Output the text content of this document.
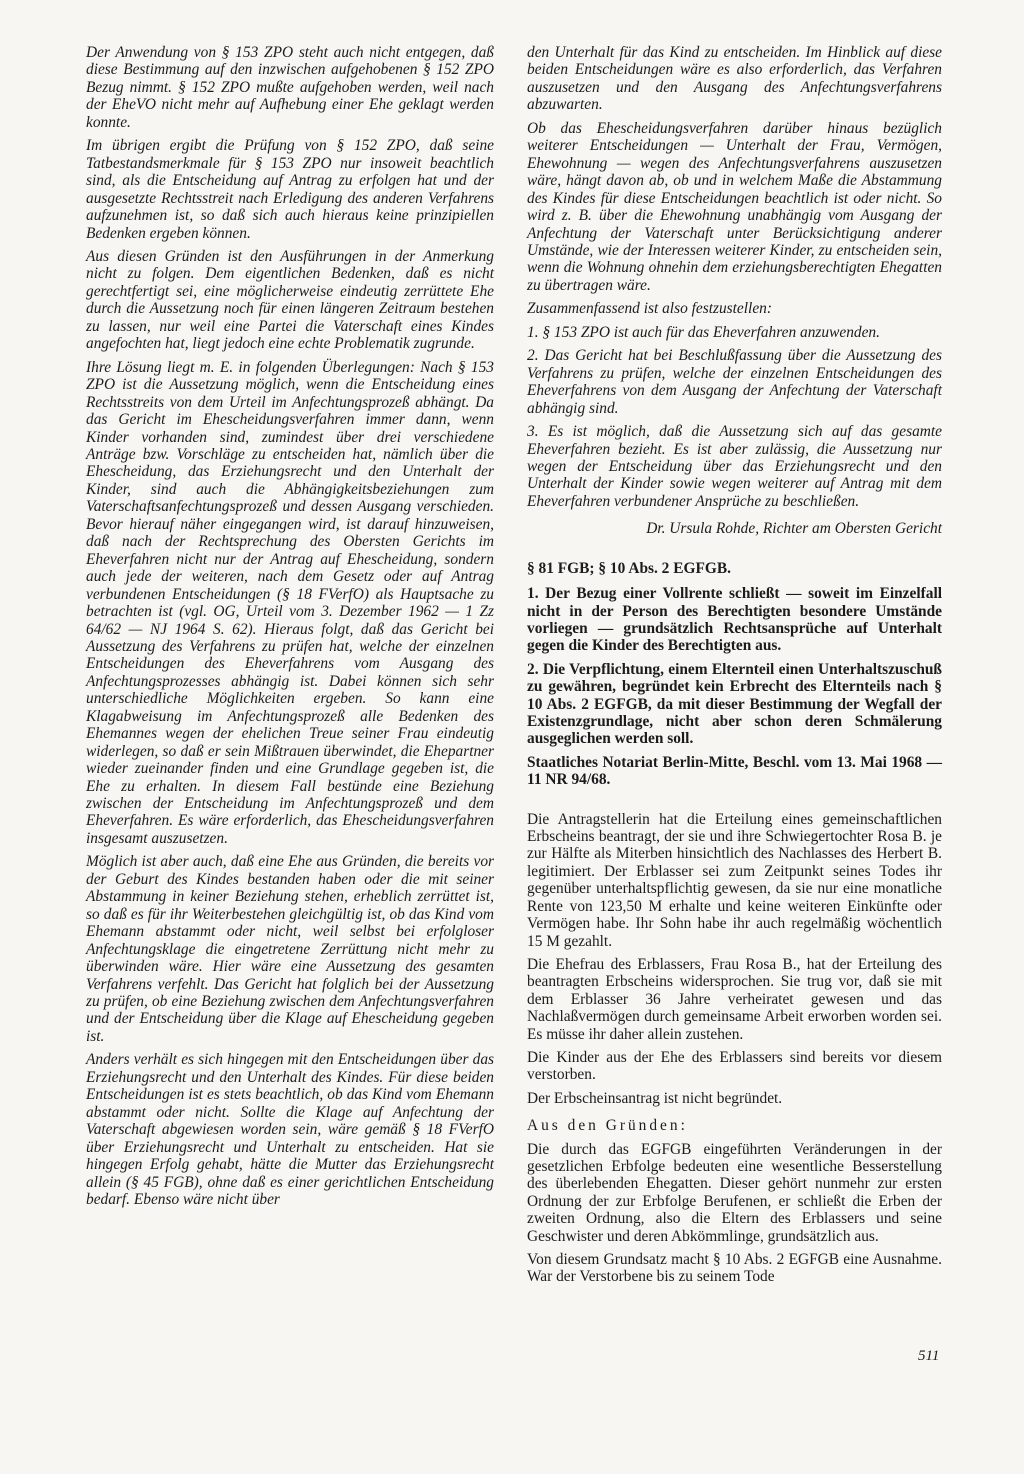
Der Anwendung von § 153 ZPO steht auch nicht entgegen, daß diese Bestimmung auf den inzwischen aufgehobenen § 152 ZPO Bezug nimmt. § 152 ZPO mußte aufgehoben werden, weil nach der EheVO nicht mehr auf Aufhebung einer Ehe geklagt werden konnte.

Im übrigen ergibt die Prüfung von § 152 ZPO, daß seine Tatbestandsmerkmale für § 153 ZPO nur insoweit beachtlich sind, als die Entscheidung auf Antrag zu erfolgen hat und der ausgesetzte Rechtsstreit nach Erledigung des anderen Verfahrens aufzunehmen ist, so daß sich auch hieraus keine prinzipiellen Bedenken ergeben können.

Aus diesen Gründen ist den Ausführungen in der Anmerkung nicht zu folgen. Dem eigentlichen Bedenken, daß es nicht gerechtfertigt sei, eine möglicherweise eindeutig zerrüttete Ehe durch die Aussetzung noch für einen längeren Zeitraum bestehen zu lassen, nur weil eine Partei die Vaterschaft eines Kindes angefochten hat, liegt jedoch eine echte Problematik zugrunde.

Ihre Lösung liegt m. E. in folgenden Überlegungen: Nach § 153 ZPO ist die Aussetzung möglich, wenn die Entscheidung eines Rechtsstreits von dem Urteil im Anfechtungsprozeß abhängt. Da das Gericht im Ehescheidungsverfahren immer dann, wenn Kinder vorhanden sind, zumindest über drei verschiedene Anträge bzw. Vorschläge zu entscheiden hat, nämlich über die Ehescheidung, das Erziehungsrecht und den Unterhalt der Kinder, sind auch die Abhängigkeitsbeziehungen zum Vaterschaftsanfechtungsprozeß und dessen Ausgang verschieden. Bevor hierauf näher eingegangen wird, ist darauf hinzuweisen, daß nach der Rechtsprechung des Obersten Gerichts im Eheverfahren nicht nur der Antrag auf Ehescheidung, sondern auch jede der weiteren, nach dem Gesetz oder auf Antrag verbundenen Entscheidungen (§ 18 FVerfO) als Hauptsache zu betrachten ist (vgl. OG, Urteil vom 3. Dezember 1962 — 1 Zz 64/62 — NJ 1964 S. 62). Hieraus folgt, daß das Gericht bei Aussetzung des Verfahrens zu prüfen hat, welche der einzelnen Entscheidungen des Eheverfahrens vom Ausgang des Anfechtungsprozesses abhängig ist. Dabei können sich sehr unterschiedliche Möglichkeiten ergeben. So kann eine Klagabweisung im Anfechtungsprozeß alle Bedenken des Ehemannes wegen der ehelichen Treue seiner Frau eindeutig widerlegen, so daß er sein Mißtrauen überwindet, die Ehepartner wieder zueinander finden und eine Grundlage gegeben ist, die Ehe zu erhalten. In diesem Fall bestünde eine Beziehung zwischen der Entscheidung im Anfechtungsprozeß und dem Eheverfahren. Es wäre erforderlich, das Ehescheidungsverfahren insgesamt auszusetzen.

Möglich ist aber auch, daß eine Ehe aus Gründen, die bereits vor der Geburt des Kindes bestanden haben oder die mit seiner Abstammung in keiner Beziehung stehen, erheblich zerrüttet ist, so daß es für ihr Weiterbestehen gleichgültig ist, ob das Kind vom Ehemann abstammt oder nicht, weil selbst bei erfolgloser Anfechtungsklage die eingetretene Zerrüttung nicht mehr zu überwinden wäre. Hier wäre eine Aussetzung des gesamten Verfahrens verfehlt. Das Gericht hat folglich bei der Aussetzung zu prüfen, ob eine Beziehung zwischen dem Anfechtungsverfahren und der Entscheidung über die Klage auf Ehescheidung gegeben ist.

Anders verhält es sich hingegen mit den Entscheidungen über das Erziehungsrecht und den Unterhalt des Kindes. Für diese beiden Entscheidungen ist es stets beachtlich, ob das Kind vom Ehemann abstammt oder nicht. Sollte die Klage auf Anfechtung der Vaterschaft abgewiesen worden sein, wäre gemäß § 18 FVerfO über Erziehungsrecht und Unterhalt zu entscheiden. Hat sie hingegen Erfolg gehabt, hätte die Mutter das Erziehungsrecht allein (§ 45 FGB), ohne daß es einer gerichtlichen Entscheidung bedarf. Ebenso wäre nicht über

den Unterhalt für das Kind zu entscheiden. Im Hinblick auf diese beiden Entscheidungen wäre es also erforderlich, das Verfahren auszusetzen und den Ausgang des Anfechtungsverfahrens abzuwarten.

Ob das Ehescheidungsverfahren darüber hinaus bezüglich weiterer Entscheidungen — Unterhalt der Frau, Vermögen, Ehewohnung — wegen des Anfechtungsverfahrens auszusetzen wäre, hängt davon ab, ob und in welchem Maße die Abstammung des Kindes für diese Entscheidungen beachtlich ist oder nicht. So wird z. B. über die Ehewohnung unabhängig vom Ausgang der Anfechtung der Vaterschaft unter Berücksichtigung anderer Umstände, wie der Interessen weiterer Kinder, zu entscheiden sein, wenn die Wohnung ohnehin dem erziehungsberechtigten Ehegatten zu übertragen wäre.

Zusammenfassend ist also festzustellen:

1. § 153 ZPO ist auch für das Eheverfahren anzuwenden.

2. Das Gericht hat bei Beschlußfassung über die Aussetzung des Verfahrens zu prüfen, welche der einzelnen Entscheidungen des Eheverfahrens von dem Ausgang der Anfechtung der Vaterschaft abhängig sind.

3. Es ist möglich, daß die Aussetzung sich auf das gesamte Eheverfahren bezieht. Es ist aber zulässig, die Aussetzung nur wegen der Entscheidung über das Erziehungsrecht und den Unterhalt der Kinder sowie wegen weiterer auf Antrag mit dem Eheverfahren verbundener Ansprüche zu beschließen.

Dr. Ursula Rohde, Richter am Obersten Gericht

§ 81 FGB; § 10 Abs. 2 EGFGB.

1. Der Bezug einer Vollrente schließt — soweit im Einzelfall nicht in der Person des Berechtigten besondere Umstände vorliegen — grundsätzlich Rechtsansprüche auf Unterhalt gegen die Kinder des Berechtigten aus.

2. Die Verpflichtung, einem Elternteil einen Unterhaltszuschuß zu gewähren, begründet kein Erbrecht des Elternteils nach § 10 Abs. 2 EGFGB, da mit dieser Bestimmung der Wegfall der Existenzgrundlage, nicht aber schon deren Schmälerung ausgeglichen werden soll.

Staatliches Notariat Berlin-Mitte, Beschl. vom 13. Mai 1968 — 11 NR 94/68.

Die Antragstellerin hat die Erteilung eines gemeinschaftlichen Erbscheins beantragt, der sie und ihre Schwiegertochter Rosa B. je zur Hälfte als Miterben hinsichtlich des Nachlasses des Herbert B. legitimiert. Der Erblasser sei zum Zeitpunkt seines Todes ihr gegenüber unterhaltspflichtig gewesen, da sie nur eine monatliche Rente von 123,50 M erhalte und keine weiteren Einkünfte oder Vermögen habe. Ihr Sohn habe ihr auch regelmäßig wöchentlich 15 M gezahlt.

Die Ehefrau des Erblassers, Frau Rosa B., hat der Erteilung des beantragten Erbscheins widersprochen. Sie trug vor, daß sie mit dem Erblasser 36 Jahre verheiratet gewesen und das Nachlaßvermögen durch gemeinsame Arbeit erworben worden sei. Es müsse ihr daher allein zustehen.

Die Kinder aus der Ehe des Erblassers sind bereits vor diesem verstorben.

Der Erbscheinsantrag ist nicht begründet.

Aus den Gründen:

Die durch das EGFGB eingeführten Veränderungen in der gesetzlichen Erbfolge bedeuten eine wesentliche Besserstellung des überlebenden Ehegatten. Dieser gehört nunmehr zur ersten Ordnung der zur Erbfolge Berufenen, er schließt die Erben der zweiten Ordnung, also die Eltern des Erblassers und seine Geschwister und deren Abkömmlinge, grundsätzlich aus.

Von diesem Grundsatz macht § 10 Abs. 2 EGFGB eine Ausnahme. War der Verstorbene bis zu seinem Tode

511
